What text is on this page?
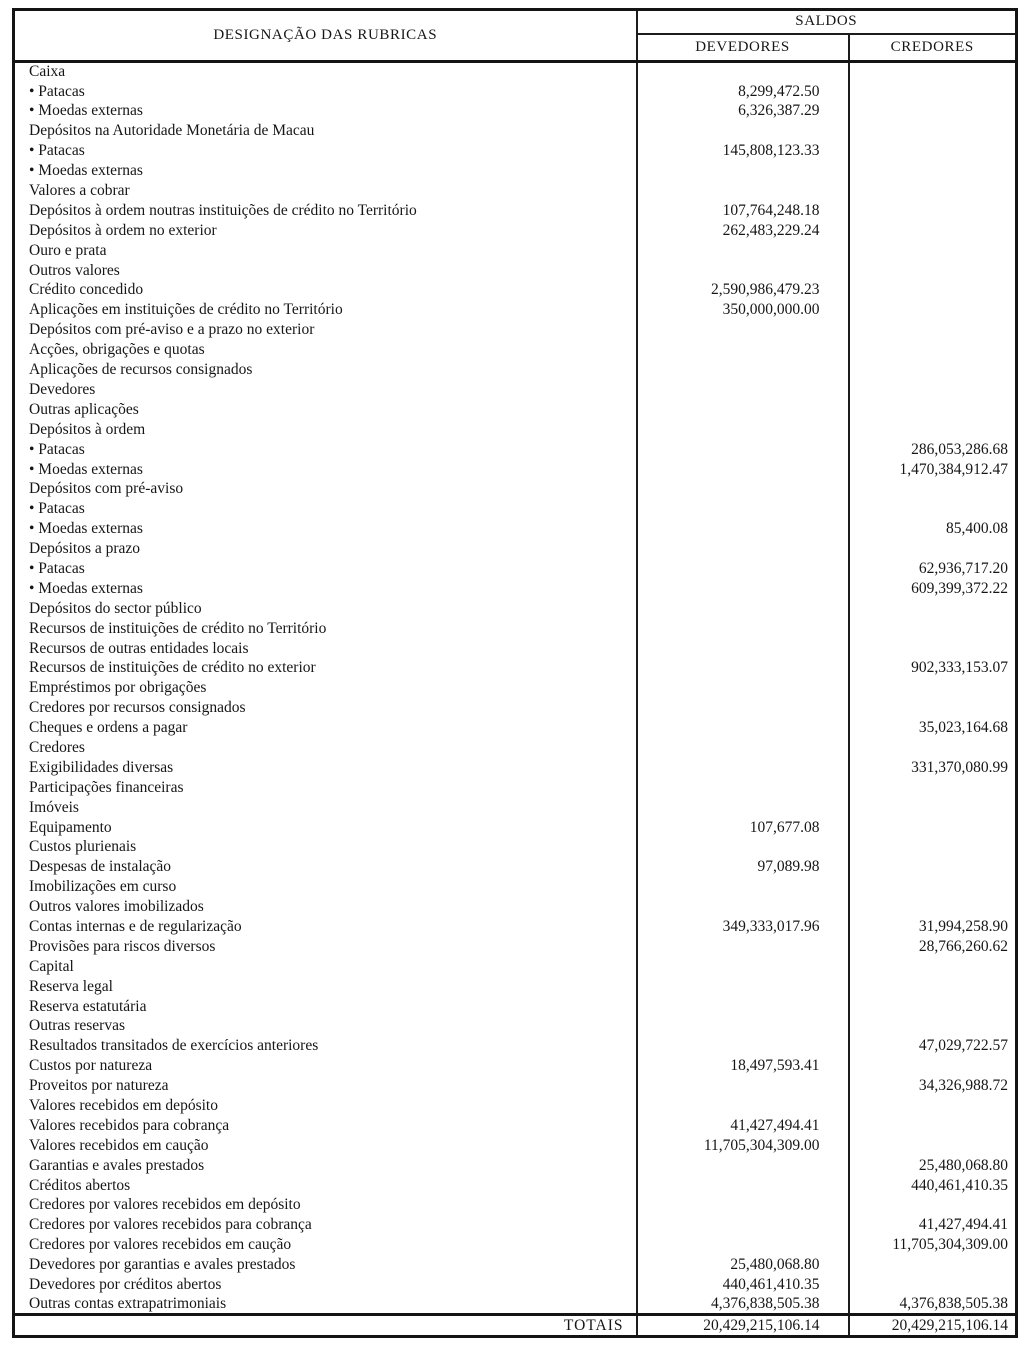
DESIGNAÇÃO DAS RUBRICAS	SALDOS	
	DEVEDORES	CREDORES
Caixa		
• Patacas	8,299,472.50	
• Moedas externas	6,326,387.29	
Depósitos na Autoridade Monetária de Macau		
• Patacas	145,808,123.33	
• Moedas externas		
Valores a cobrar		
Depósitos à ordem noutras instituições de crédito no Território	107,764,248.18	
Depósitos à ordem no exterior	262,483,229.24	
Ouro e prata		
Outros valores		
Crédito concedido	2,590,986,479.23	
Aplicações em instituições de crédito no Território	350,000,000.00	
Depósitos com pré-aviso e a prazo no exterior		
Acções, obrigações e quotas		
Aplicações de recursos consignados		
Devedores		
Outras aplicações		
Depósitos à ordem		
• Patacas		286,053,286.68
• Moedas externas		1,470,384,912.47
Depósitos com pré-aviso		
• Patacas		
• Moedas externas		85,400.08
Depósitos a prazo		
• Patacas		62,936,717.20
• Moedas externas		609,399,372.22
Depósitos do sector público		
Recursos de instituições de crédito no Território		
Recursos de outras entidades locais		
Recursos de instituições de crédito no exterior		902,333,153.07
Empréstimos por obrigações		
Credores por recursos consignados		
Cheques e ordens a pagar		35,023,164.68
Credores		
Exigibilidades diversas		331,370,080.99
Participações financeiras		
Imóveis		
Equipamento	107,677.08	
Custos plurienais		
Despesas de instalação	97,089.98	
Imobilizações em curso		
Outros valores imobilizados		
Contas internas e de regularização	349,333,017.96	31,994,258.90
Provisões para riscos diversos		28,766,260.62
Capital		
Reserva legal		
Reserva estatutária		
Outras reservas		
Resultados transitados de exercícios anteriores		47,029,722.57
Custos por natureza	18,497,593.41	
Proveitos por natureza		34,326,988.72
Valores recebidos em depósito		
Valores recebidos para cobrança	41,427,494.41	
Valores recebidos em caução	11,705,304,309.00	
Garantias e avales prestados		25,480,068.80
Créditos abertos		440,461,410.35
Credores por valores recebidos em depósito		
Credores por valores recebidos para cobrança		41,427,494.41
Credores por valores recebidos em caução		11,705,304,309.00
Devedores por garantias e avales prestados	25,480,068.80	
Devedores por créditos abertos	440,461,410.35	
Outras contas extrapatrimoniais	4,376,838,505.38	4,376,838,505.38
TOTAIS	20,429,215,106.14	20,429,215,106.14
